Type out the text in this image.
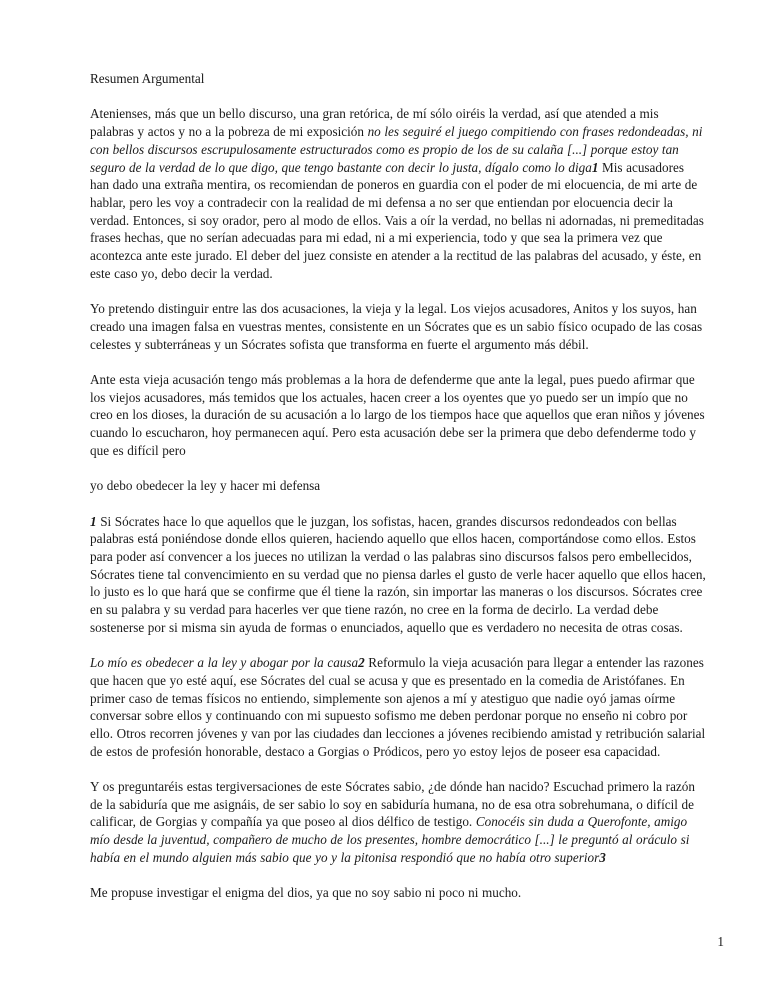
Resumen Argumental

Atenienses, más que un bello discurso, una gran retórica, de mí sólo oiréis la verdad, así que atended a mis palabras y actos y no a la pobreza de mi exposición no les seguiré el juego compitiendo con frases redondeadas, ni con bellos discursos escrupulosamente estructurados como es propio de los de su calaña [...] porque estoy tan seguro de la verdad de lo que digo, que tengo bastante con decir lo justa, dígalo como lo diga1 Mis acusadores han dado una extraña mentira, os recomiendan de poneros en guardia con el poder de mi elocuencia, de mi arte de hablar, pero les voy a contradecir con la realidad de mi defensa a no ser que entiendan por elocuencia decir la verdad. Entonces, si soy orador, pero al modo de ellos. Vais a oír la verdad, no bellas ni adornadas, ni premeditadas frases hechas, que no serían adecuadas para mi edad, ni a mi experiencia, todo y que sea la primera vez que acontezca ante este jurado. El deber del juez consiste en atender a la rectitud de las palabras del acusado, y éste, en este caso yo, debo decir la verdad.

Yo pretendo distinguir entre las dos acusaciones, la vieja y la legal. Los viejos acusadores, Anitos y los suyos, han creado una imagen falsa en vuestras mentes, consistente en un Sócrates que es un sabio físico ocupado de las cosas celestes y subterráneas y un Sócrates sofista que transforma en fuerte el argumento más débil.

Ante esta vieja acusación tengo más problemas a la hora de defenderme que ante la legal, pues puedo afirmar que los viejos acusadores, más temidos que los actuales, hacen creer a los oyentes que yo puedo ser un impío que no creo en los dioses, la duración de su acusación a lo largo de los tiempos hace que aquellos que eran niños y jóvenes cuando lo escucharon, hoy permanecen aquí. Pero esta acusación debe ser la primera que debo defenderme todo y que es difícil pero

yo debo obedecer la ley y hacer mi defensa

1 Si Sócrates hace lo que aquellos que le juzgan, los sofistas, hacen, grandes discursos redondeados con bellas palabras está poniéndose donde ellos quieren, haciendo aquello que ellos hacen, comportándose como ellos. Estos para poder así convencer a los jueces no utilizan la verdad o las palabras sino discursos falsos pero embellecidos, Sócrates tiene tal convencimiento en su verdad que no piensa darles el gusto de verle hacer aquello que ellos hacen, lo justo es lo que hará que se confirme que él tiene la razón, sin importar las maneras o los discursos. Sócrates cree en su palabra y su verdad para hacerles ver que tiene razón, no cree en la forma de decirlo. La verdad debe sostenerse por si misma sin ayuda de formas o enunciados, aquello que es verdadero no necesita de otras cosas.

Lo mío es obedecer a la ley y abogar por la causa2 Reformulo la vieja acusación para llegar a entender las razones que hacen que yo esté aquí, ese Sócrates del cual se acusa y que es presentado en la comedia de Aristófanes. En primer caso de temas físicos no entiendo, simplemente son ajenos a mí y atestiguo que nadie oyó jamas oírme conversar sobre ellos y continuando con mi supuesto sofismo me deben perdonar porque no enseño ni cobro por ello. Otros recorren jóvenes y van por las ciudades dan lecciones a jóvenes recibiendo amistad y retribución salarial de estos de profesión honorable, destaco a Gorgias o Pródicos, pero yo estoy lejos de poseer esa capacidad.

Y os preguntaréis estas tergiversaciones de este Sócrates sabio, ¿de dónde han nacido? Escuchad primero la razón de la sabiduría que me asignáis, de ser sabio lo soy en sabiduría humana, no de esa otra sobrehumana, o difícil de calificar, de Gorgias y compañía ya que poseo al dios délfico de testigo. Conocéis sin duda a Querofonte, amigo mío desde la juventud, compañero de mucho de los presentes, hombre democrático [...] le preguntó al oráculo si había en el mundo alguien más sabio que yo y la pitonisa respondió que no había otro superior3

Me propuse investigar el enigma del dios, ya que no soy sabio ni poco ni mucho.

1
